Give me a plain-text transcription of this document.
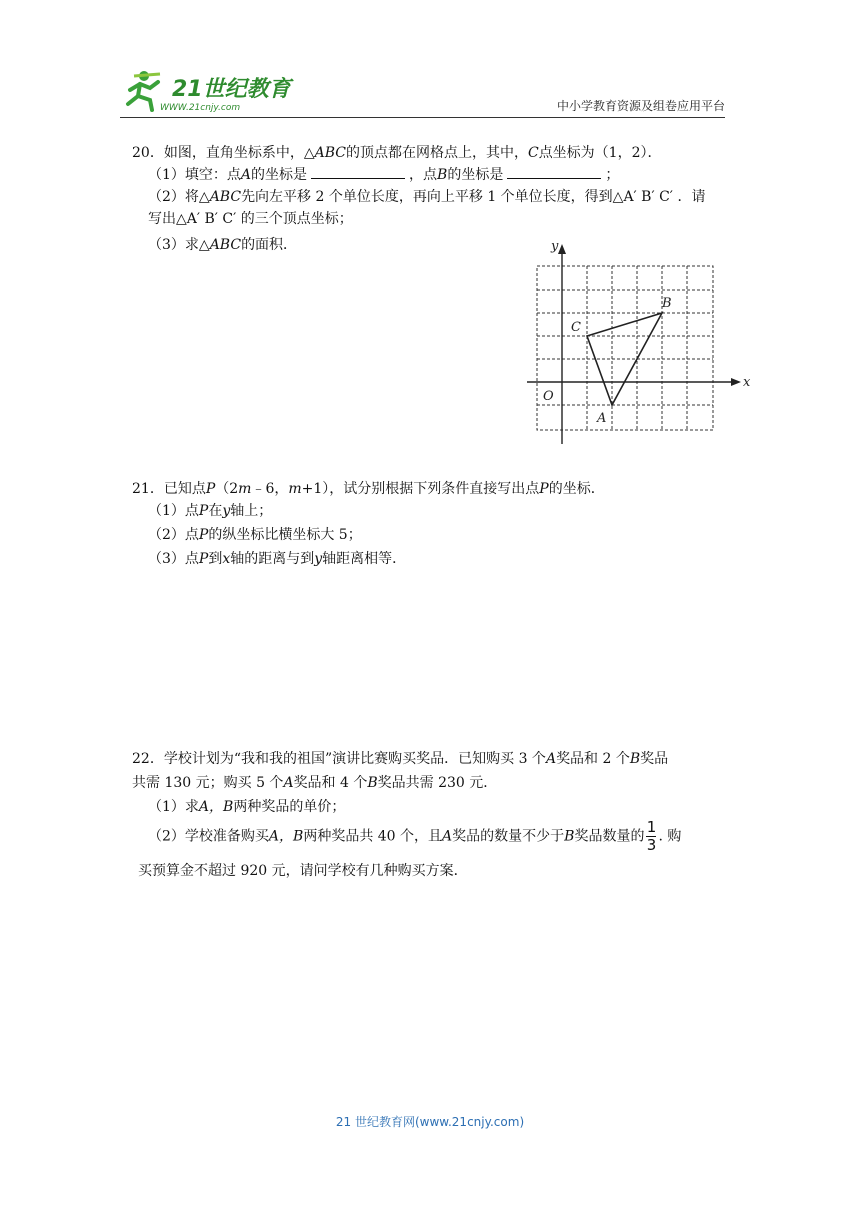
21世纪教育
WWW.21cnjy.com	中小学教育资源及组卷应用平台
20．如图，直角坐标系中，△ABC的顶点都在网格点上，其中，C点坐标为（1，2）．
（1）填空：点A的坐标是	，点B的坐标是	；
（2）将△ABC先向左平移 2 个单位长度，再向上平移 1 个单位长度，得到△A′ B′ C′ ．请
写出△A′ B′ C′ 的三个顶点坐标；
（3）求△ABC的面积．
x
y
O
A
B
C
21．已知点P（2m﹣6，m+1），试分别根据下列条件直接写出点P的坐标．
（1）点P在y轴上；
（2）点P的纵坐标比横坐标大 5；
（3）点P到x轴的距离与到y轴距离相等．
22．学校计划为“我和我的祖国”演讲比赛购买奖品．已知购买 3 个A奖品和 2 个B奖品
共需 130 元；购买 5 个A奖品和 4 个B奖品共需 230 元．
（1）求A，B两种奖品的单价；
（2）学校准备购买A，B两种奖品共 40 个，且A奖品的数量不少于B奖品数量的 $\frac{1}{3}$ . 购
买预算金不超过 920 元，请问学校有几种购买方案．
21 世纪教育网(www.21cnjy.com)
